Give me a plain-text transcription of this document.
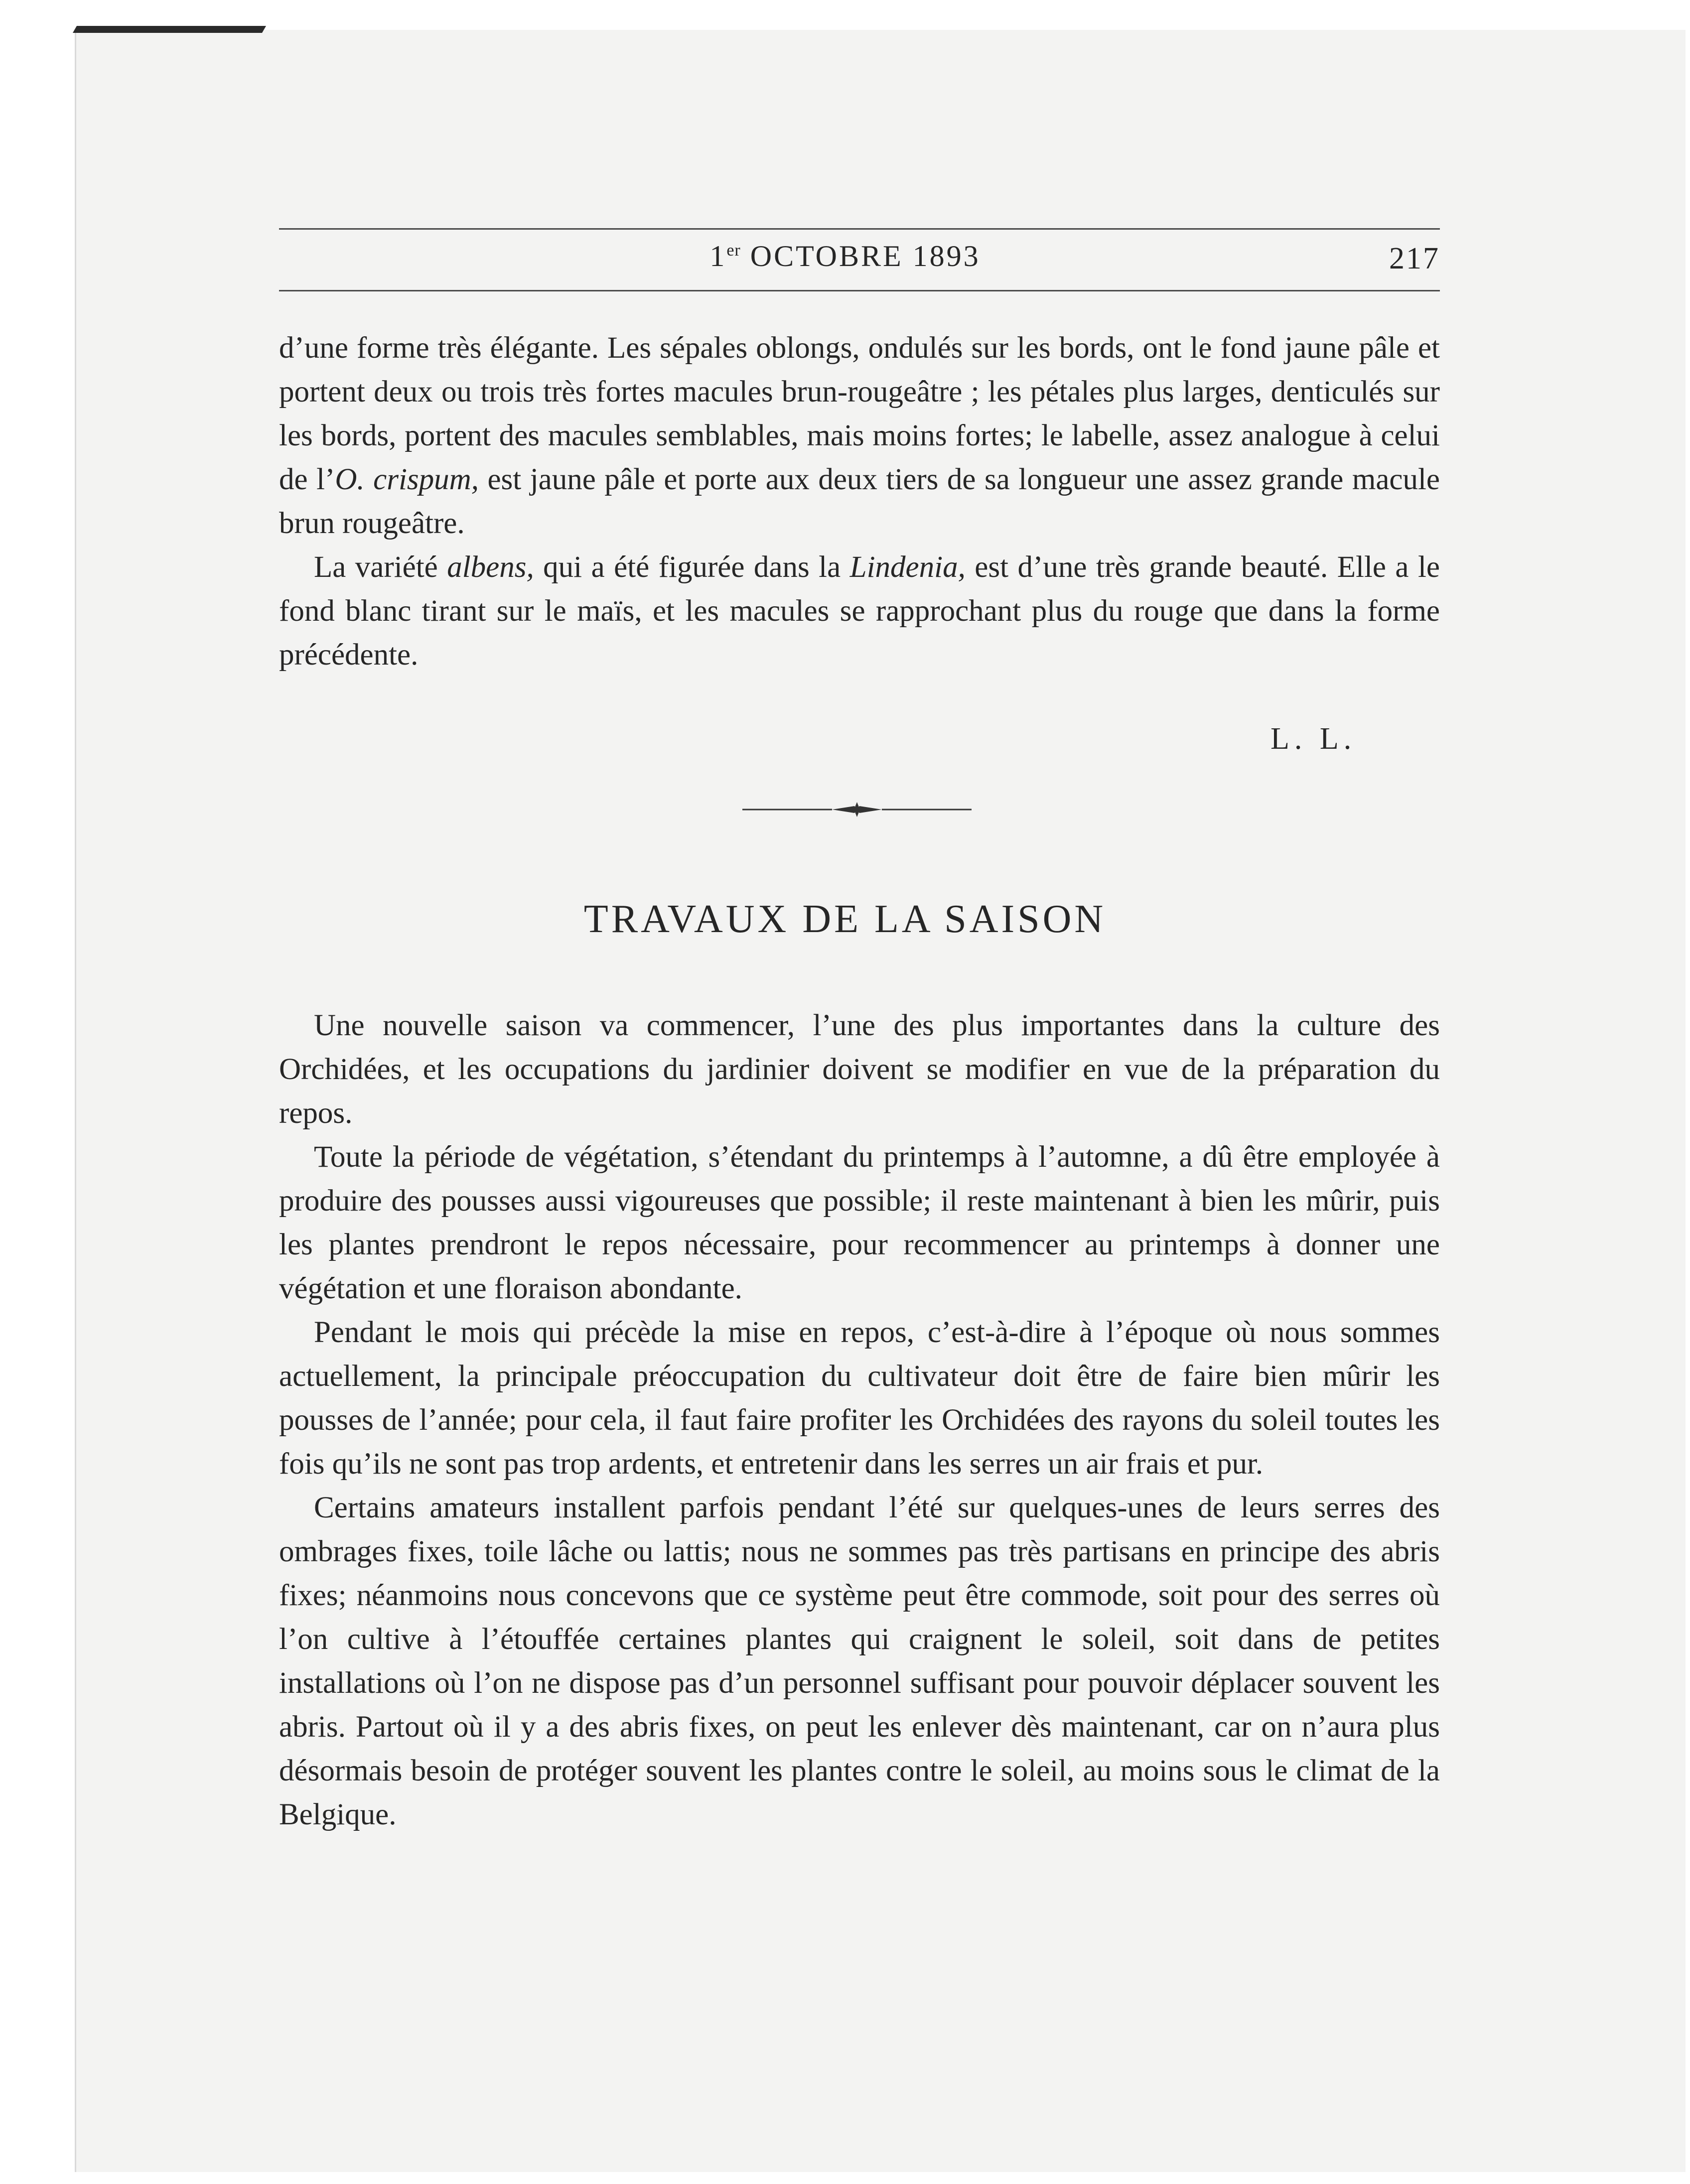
1er OCTOBRE 1893	217

d’une forme très élégante. Les sépales oblongs, ondulés sur les bords, ont le fond jaune pâle et portent deux ou trois très fortes macules brun-rougeâtre ; les pétales plus larges, denticulés sur les bords, portent des macules semblables, mais moins fortes; le labelle, assez analogue à celui de l’O. crispum, est jaune pâle et porte aux deux tiers de sa longueur une assez grande macule brun rougeâtre.

La variété albens, qui a été figurée dans la Lindenia, est d’une très grande beauté. Elle a le fond blanc tirant sur le maïs, et les macules se rapprochant plus du rouge que dans la forme précédente.

L. L.
TRAVAUX DE LA SAISON

Une nouvelle saison va commencer, l’une des plus importantes dans la culture des Orchidées, et les occupations du jardinier doivent se modifier en vue de la préparation du repos.

Toute la période de végétation, s’étendant du printemps à l’automne, a dû être employée à produire des pousses aussi vigoureuses que possible; il reste maintenant à bien les mûrir, puis les plantes prendront le repos nécessaire, pour recommencer au printemps à donner une végétation et une floraison abondante.

Pendant le mois qui précède la mise en repos, c’est-à-dire à l’époque où nous sommes actuellement, la principale préoccupation du cultivateur doit être de faire bien mûrir les pousses de l’année; pour cela, il faut faire profiter les Orchidées des rayons du soleil toutes les fois qu’ils ne sont pas trop ardents, et entretenir dans les serres un air frais et pur.

Certains amateurs installent parfois pendant l’été sur quelques-unes de leurs serres des ombrages fixes, toile lâche ou lattis; nous ne sommes pas très partisans en principe des abris fixes; néanmoins nous concevons que ce système peut être commode, soit pour des serres où l’on cultive à l’étouffée certaines plantes qui craignent le soleil, soit dans de petites installations où l’on ne dispose pas d’un personnel suffisant pour pouvoir déplacer souvent les abris. Partout où il y a des abris fixes, on peut les enlever dès maintenant, car on n’aura plus désormais besoin de protéger souvent les plantes contre le soleil, au moins sous le climat de la Belgique.
